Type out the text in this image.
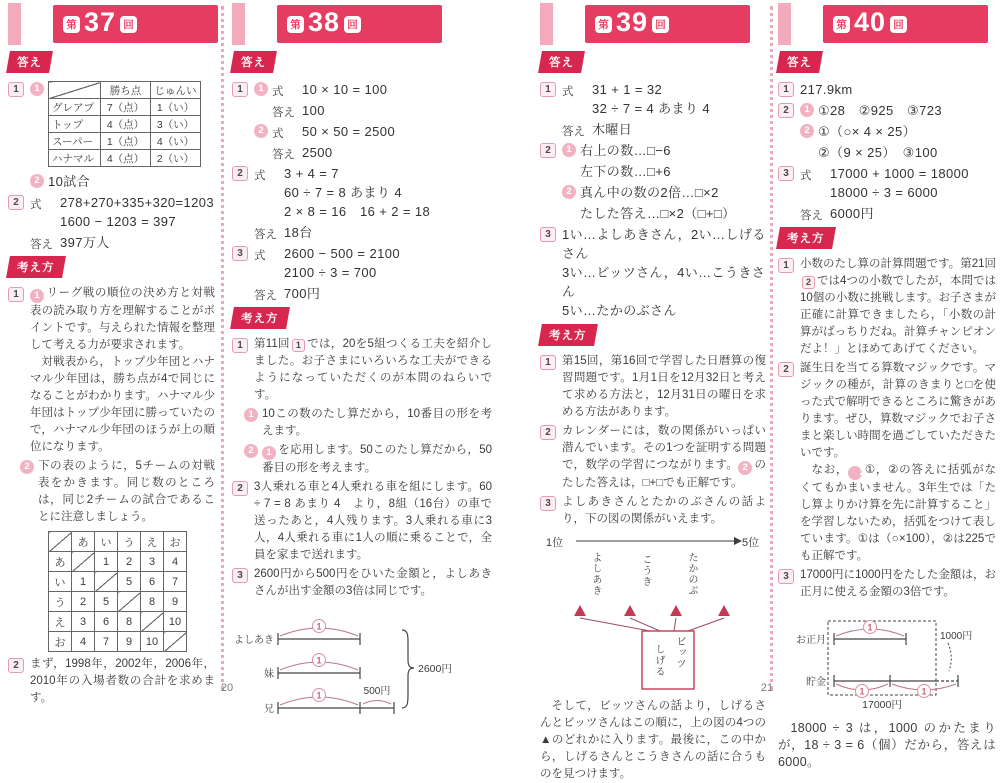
第 37 回
答え
1	1
		勝ち点	じゅんい
グレアプ	7（点）	1（い）
トップ	4（点）	3（い）
スーパー	1（点）	4（い）
ハナマル	4（点）	2（い）
2 10試合
2 式	278+270+335+320=1203
1600 − 1203 = 397
答え 397万人
考え方
1	1 リーグ戦の順位の決め方と対戦表の読み取り方を理解することがポイントです。与えられた情報を整理して考える力が要求されます。
対戦表から，トップ少年団とハナマル少年団は，勝ち点が4で同じになることがわかります。ハナマル少年団はトップ少年団に勝っていたので，ハナマル少年団のほうが上の順位になります。
2 下の表のように，5チームの対戦表をかきます。同じ数のところは，同じ2チームの試合であることに注意しましょう。
	あ	い	う	え	お
あ		1	2	3	4
い	1		5	6	7
う	2	5		8	9
え	3	6	8		10
お	4	7	9	10	
2 まず，1998年，2002年，2006年，2010年の入場者数の合計を求めます。
第 38 回
答え
1	1 式	10 × 10 = 100
答え 100
2 式	50 × 50 = 2500
答え 2500
2 式	3 + 4 = 7
60 ÷ 7 = 8 あまり 4
2 × 8 = 16　16 + 2 = 18
答え 18台
3 式	2600 − 500 = 2100
2100 ÷ 3 = 700
答え 700円
考え方
1 第11回 1 では，20を5組つくる工夫を紹介しました。お子さまにいろいろな工夫ができるようになっていただくのが本問のねらいです。
1 10この数のたし算だから，10番目の形を考えます。
2	1 を応用します。50このたし算だから，50番目の形を考えます。
2 3人乗れる車と4人乗れる車を組にします。60 ÷ 7 = 8 あまり 4　より，8組（16台）の車で送ったあと，4人残ります。3人乗れる車に3人，4人乗れる車に1人の順に乗ることで，全員を家まで送れます。
3 2600円から500円をひいた金額と，よしあきさんが出す金額の3倍は同じです。
よしあき
1
妹
1
兄
1	500円
2600円
第 39 回
答え
1 式	31 + 1 = 32
32 ÷ 7 = 4 あまり 4
答え 木曜日
2	1 右上の数…□−6
左下の数…□+6
2 真ん中の数の2倍…□×2
たした答え…□×2（□+□）
3 1い…よしあきさん，2い…しげるさん
3い…ビッツさん，4い…こうきさん
5い…たかのぶさん
考え方
1 第15回，第16回で学習した日暦算の復習問題です。1月1日を12月32日と考えて求める方法と，12月31日の曜日を求める方法があります。
2 カレンダーには，数の関係がいっぱい潜んでいます。その1つを証明する問題で，数学の学習につながります。 2 のたした答えは，□+□でも正解です。
3 よしあきさんとたかのぶさんの話より，下の図の関係がいえます。
1位	5位
よしあき	こうき	たかのぶ
しげる ビッツ
そして，ビッツさんの話より，しげるさんとビッツさんはこの順に，上の図の4つの▲のどれかに入ります。最後に，この中から，しげるさんとこうきさんの話に合うものを見つけます。
第 40 回
答え
1 217.9km
2	1 ①28　②925　③723
2 ①（○× 4 × 25）
②（9 × 25）　③100
3 式	17000 + 1000 = 18000
18000 ÷ 3 = 6000
答え 6000円
考え方
1 小数のたし算の計算問題です。第21回2 では4つの小数でしたが，本問では10個の小数に挑戦します。お子さまが正確に計算できましたら，「小数の計算がばっちりだね。計算チャンピオンだよ！」とほめてあげてください。
2 誕生日を当てる算数マジックです。マジックの種が，計算のきまりと□を使った式で解明できるところに驚きがあります。ぜひ，算数マジックでお子さまと楽しい時間を過ごしていただきたいです。
なお， 2①，②の答えに括弧がなくてもかまいません。3年生では「たし算よりかけ算を先に計算すること」を学習しないため，括弧をつけて表しています。①は（○×100），②は225でも正解です。
3 17000円に1000円をたした金額は，お正月に使える金額の3倍です。
お正月
1
貯金
1	1
1000円
17000円
18000 ÷ 3 は，1000 のかたまりが，18 ÷ 3 = 6（個）だから，答えは 6000。
20	21
